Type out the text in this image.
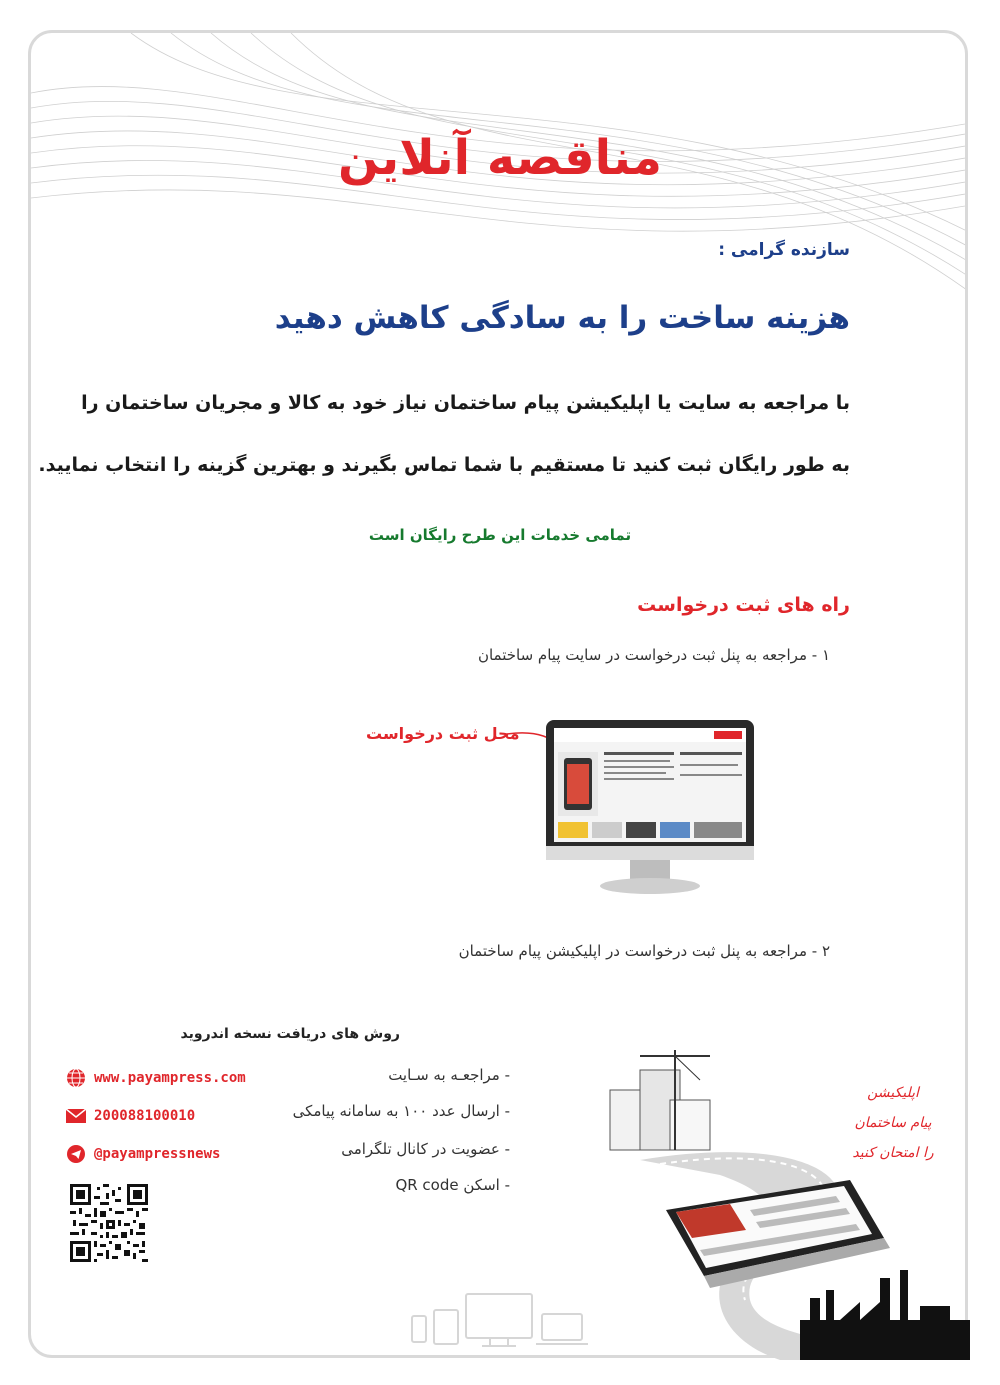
مناقصه آنلاین
سازنده گرامی :
هزینه ساخت را به سادگی کاهش دهید
با مراجعه به سایت یا اپلیکیشن پیام ساختمان نیاز خود به کالا و مجریان ساختمان را
به طور رایگان ثبت کنید تا مستقیم با شما تماس بگیرند و بهترین گزینه را انتخاب نمایید.
تمامی خدمات این طرح رایگان است
راه های ثبت درخواست
۱ - مراجعه به پنل ثبت درخواست در سایت پیام ساختمان
محل ثبت درخواست
۲ - مراجعه به پنل ثبت درخواست در اپلیکیشن پیام ساختمان
روش های دریافت نسخه اندروید
- مراجعـه به سـایت
- ارسال عدد ۱۰۰ به سامانه پیامکی
- عضویت در کانال تلگرامی
- اسکن QR code
www.payampress.com
200088100010
@payampressnews
اپلیکیشن
پیام ساختمان
را امتحان کنید
